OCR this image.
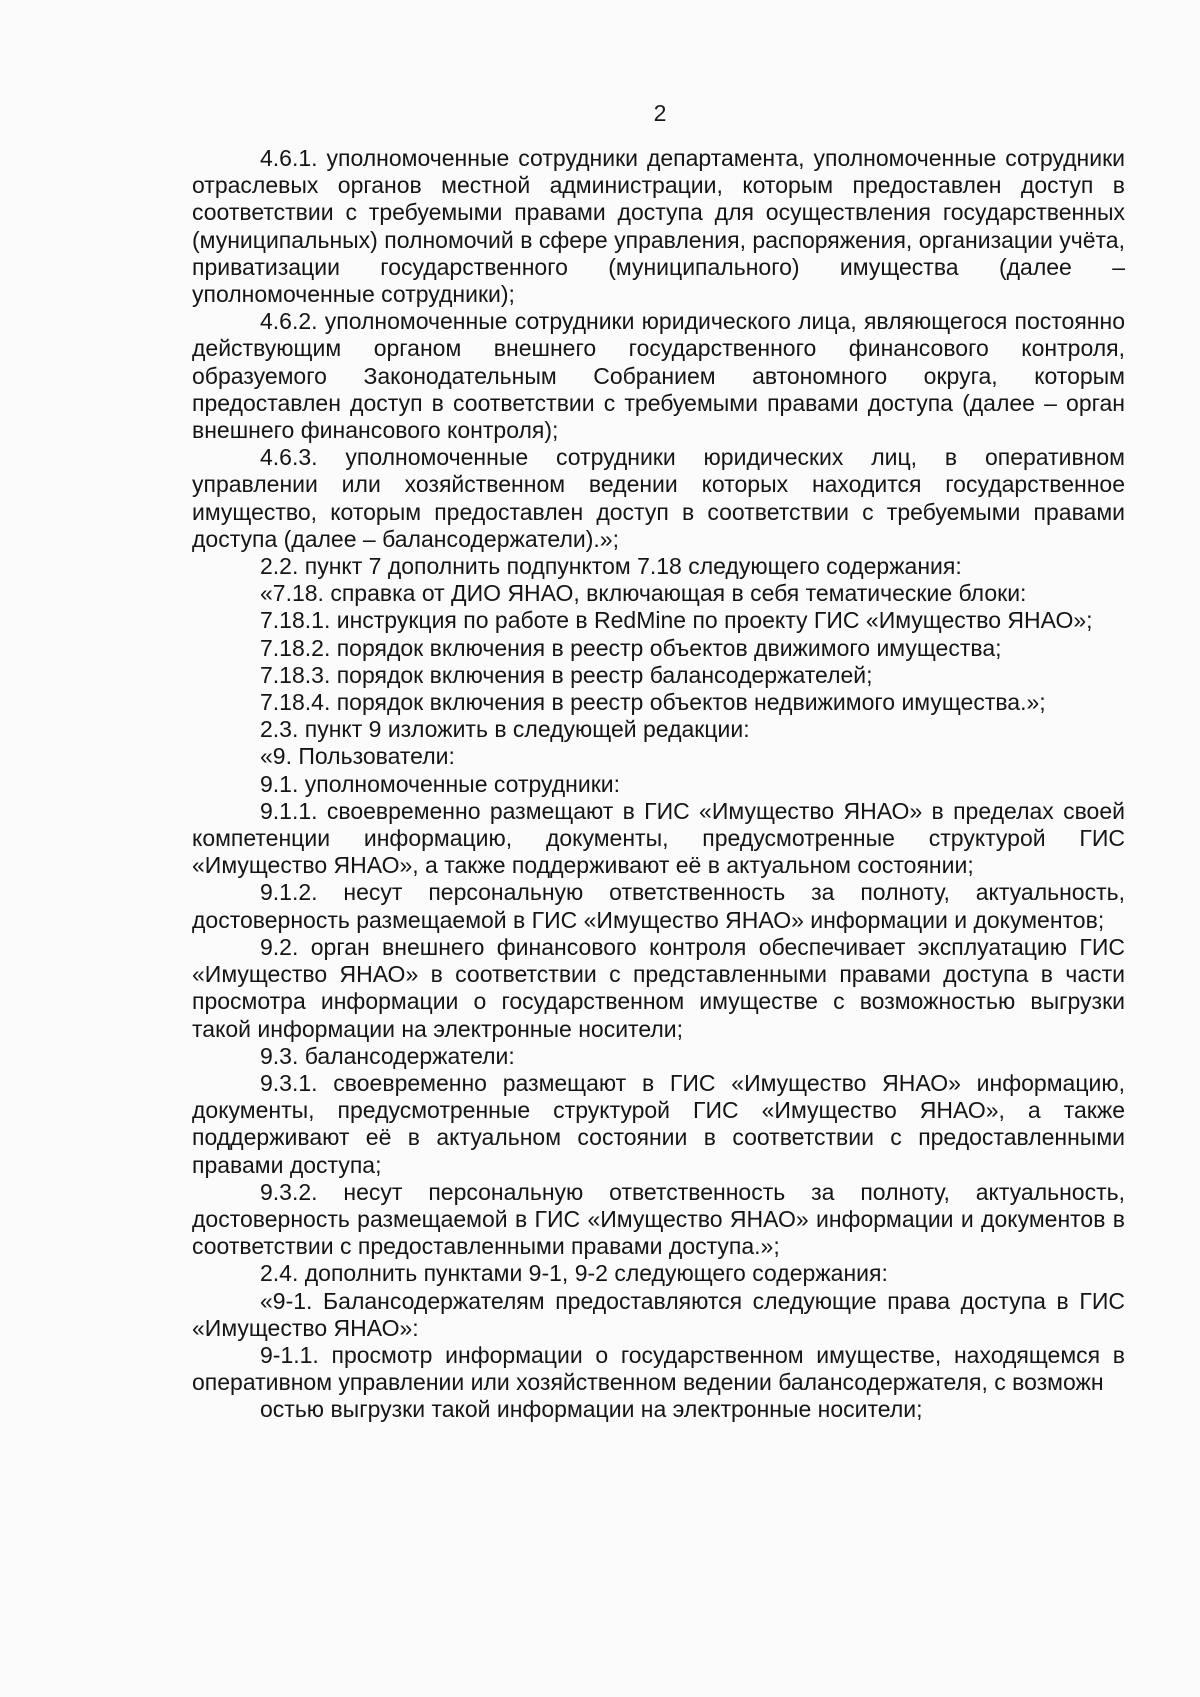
2

4.6.1. уполномоченные сотрудники департамента, уполномоченные сотрудники отраслевых органов местной администрации, которым предоставлен доступ в соответствии с требуемыми правами доступа для осуществления государственных (муниципальных) полномочий в сфере управления, распоряжения, организации учёта, приватизации государственного (муниципального) имущества (далее – уполномоченные сотрудники);

4.6.2. уполномоченные сотрудники юридического лица, являющегося постоянно действующим органом внешнего государственного финансового контроля, образуемого Законодательным Собранием автономного округа, которым предоставлен доступ в соответствии с требуемыми правами доступа (далее – орган внешнего финансового контроля);

4.6.3. уполномоченные сотрудники юридических лиц, в оперативном управлении или хозяйственном ведении которых находится государственное имущество, которым предоставлен доступ в соответствии с требуемыми правами доступа (далее – балансодержатели).»;

2.2. пункт 7 дополнить подпунктом 7.18 следующего содержания:

«7.18. справка от ДИО ЯНАО, включающая в себя тематические блоки:

7.18.1. инструкция по работе в RedMine по проекту ГИС «Имущество ЯНАО»;

7.18.2. порядок включения в реестр объектов движимого имущества;

7.18.3. порядок включения в реестр балансодержателей;

7.18.4. порядок включения в реестр объектов недвижимого имущества.»;

2.3. пункт 9 изложить в следующей редакции:

«9. Пользователи:

9.1. уполномоченные сотрудники:

9.1.1. своевременно размещают в ГИС «Имущество ЯНАО» в пределах своей компетенции информацию, документы, предусмотренные структурой ГИС «Имущество ЯНАО», а также поддерживают её в актуальном состоянии;

9.1.2. несут персональную ответственность за полноту, актуальность, достоверность размещаемой в ГИС «Имущество ЯНАО» информации и документов;

9.2. орган внешнего финансового контроля обеспечивает эксплуатацию ГИС «Имущество ЯНАО» в соответствии с представленными правами доступа в части просмотра информации о государственном имуществе с возможностью выгрузки такой информации на электронные носители;

9.3. балансодержатели:

9.3.1. своевременно размещают в ГИС «Имущество ЯНАО» информацию, документы, предусмотренные структурой ГИС «Имущество ЯНАО», а также поддерживают её в актуальном состоянии в соответствии с предоставленными правами доступа;

9.3.2. несут персональную ответственность за полноту, актуальность, достоверность размещаемой в ГИС «Имущество ЯНАО» информации и документов в соответствии с предоставленными правами доступа.»;

2.4. дополнить пунктами 9-1, 9-2 следующего содержания:

«9-1. Балансодержателям предоставляются следующие права доступа в ГИС «Имущество ЯНАО»:

9-1.1. просмотр информации о государственном имуществе, находящемся в оперативном управлении или хозяйственном ведении балансодержателя, с возможн

остью выгрузки такой информации на электронные носители;
